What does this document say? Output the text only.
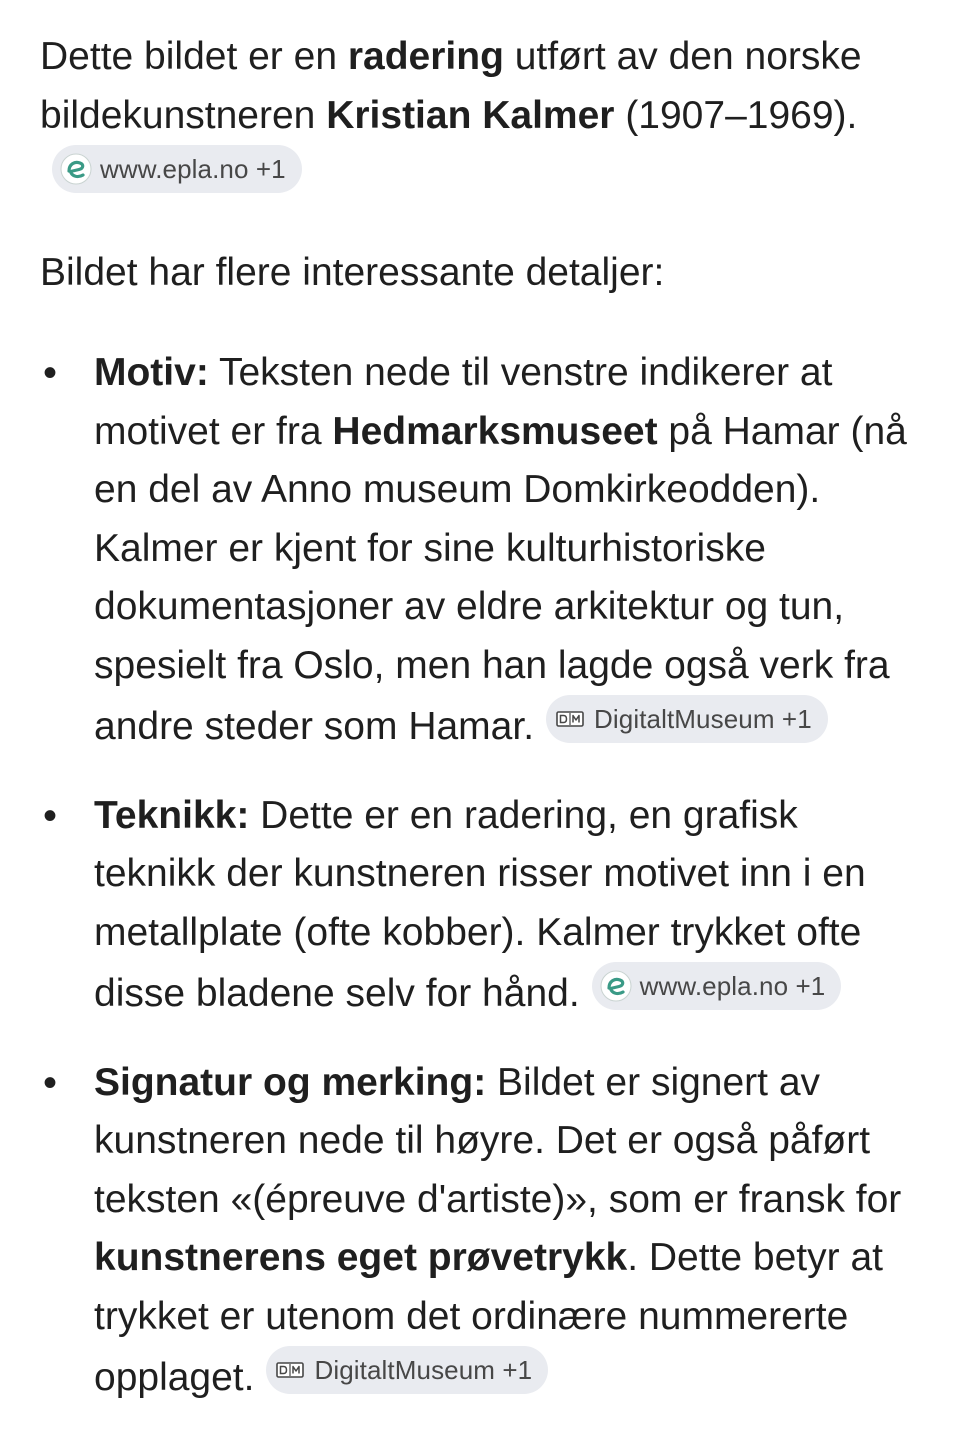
Dette bildet er en radering utført av den norske bildekunstneren Kristian Kalmer (1907–1969).
www.epla.no +1

Bildet har flere interessante detaljer:

• Motiv: Teksten nede til venstre indikerer at motivet er fra Hedmarksmuseet på Hamar (nå en del av Anno museum Domkirkeodden). Kalmer er kjent for sine kulturhistoriske dokumentasjoner av eldre arkitektur og tun, spesielt fra Oslo, men han lagde også verk fra andre steder som Hamar. DigitaltMuseum +1
• Teknikk: Dette er en radering, en grafisk teknikk der kunstneren risser motivet inn i en metallplate (ofte kobber). Kalmer trykket ofte disse bladene selv for hånd. www.epla.no +1
• Signatur og merking: Bildet er signert av kunstneren nede til høyre. Det er også påført teksten «(épreuve d'artiste)», som er fransk for kunstnerens eget prøvetrykk. Dette betyr at trykket er utenom det ordinære nummererte opplaget. DigitaltMuseum +1
